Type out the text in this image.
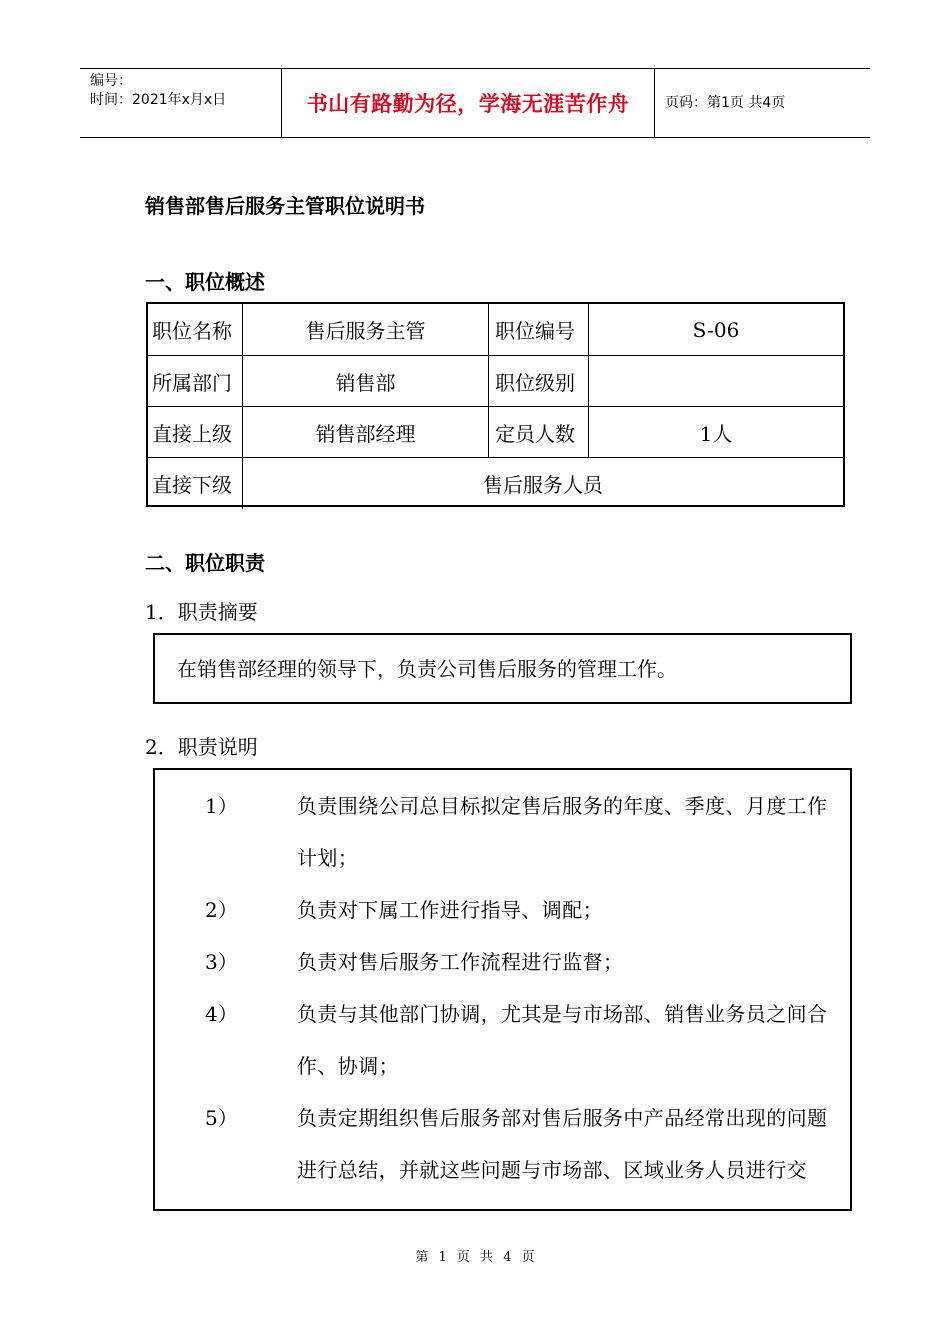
编号：
时间：2021年x月x日	书山有路勤为径，学海无涯苦作舟	页码：第1页 共4页
销售部售后服务主管职位说明书
一、职位概述
职位名称	售后服务主管	职位编号	S-06
所属部门	销售部	职位级别
直接上级	销售部经理	定员人数	1人
直接下级	售后服务人员
二、职位职责
1．职责摘要
在销售部经理的领导下，负责公司售后服务的管理工作。
2．职责说明
1）	负责围绕公司总目标拟定售后服务的年度、季度、月度工作
计划；
2）	负责对下属工作进行指导、调配；
3）	负责对售后服务工作流程进行监督；
4）	负责与其他部门协调，尤其是与市场部、销售业务员之间合
作、协调；
5）	负责定期组织售后服务部对售后服务中产品经常出现的问题
进行总结，并就这些问题与市场部、区域业务人员进行交
第 1 页 共 4 页
